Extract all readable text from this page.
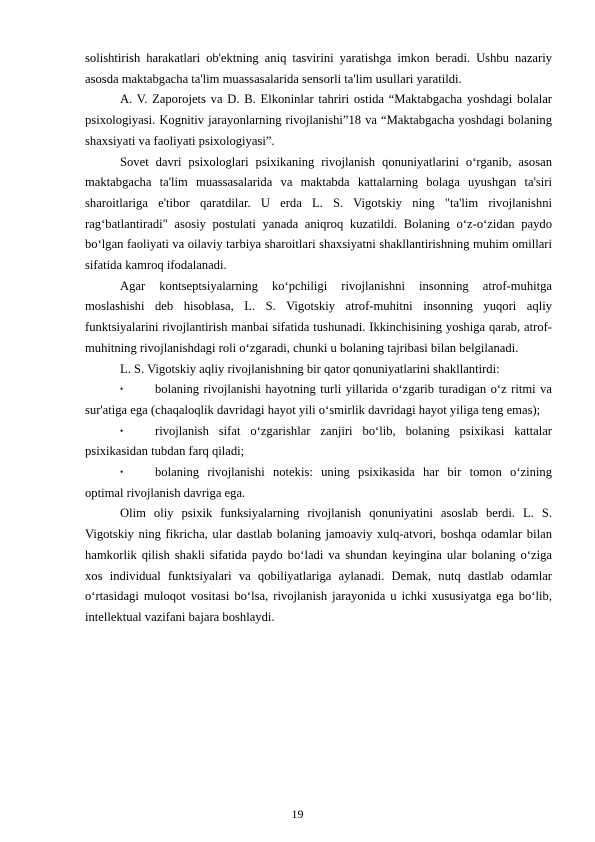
solishtirish harakatlari ob'ektning aniq tasvirini yaratishga imkon beradi. Ushbu nazariy asosda maktabgacha ta'lim muassasalarida sensorli ta'lim usullari yaratildi.

A. V. Zaporojets va D. B. Elkoninlar tahriri ostida “Maktabgacha yoshdagi bolalar psixologiyasi. Kognitiv jarayonlarning rivojlanishi”18 va “Maktabgacha yoshdagi bolaning shaxsiyati va faoliyati psixologiyasi”.

Sovet davri psixologlari psixikaning rivojlanish qonuniyatlarini o‘rganib, asosan maktabgacha ta'lim muassasalarida va maktabda kattalarning bolaga uyushgan ta'siri sharoitlariga e'tibor qaratdilar. U erda L. S. Vigotskiy ning "ta'lim rivojlanishni rag‘batlantiradi" asosiy postulati yanada aniqroq kuzatildi. Bolaning o‘z-o‘zidan paydo bo‘lgan faoliyati va oilaviy tarbiya sharoitlari shaxsiyatni shakllantirishning muhim omillari sifatida kamroq ifodalanadi.

Agar kontseptsiyalarning ko‘pchiligi rivojlanishni insonning atrof-muhitga moslashishi deb hisoblasa, L. S. Vigotskiy atrof-muhitni insonning yuqori aqliy funktsiyalarini rivojlantirish manbai sifatida tushunadi. Ikkinchisining yoshiga qarab, atrof-muhitning rivojlanishdagi roli o‘zgaradi, chunki u bolaning tajribasi bilan belgilanadi.

L. S. Vigotskiy aqliy rivojlanishning bir qator qonuniyatlarini shakllantirdi:

•	bolaning rivojlanishi hayotning turli yillarida o‘zgarib turadigan o‘z ritmi va sur'atiga ega (chaqaloqlik davridagi hayot yili o‘smirlik davridagi hayot yiliga teng emas);
•	rivojlanish sifat o‘zgarishlar zanjiri bo‘lib, bolaning psixikasi kattalar psixikasidan tubdan farq qiladi;
•	bolaning rivojlanishi notekis: uning psixikasida har bir tomon o‘zining optimal rivojlanish davriga ega.

Olim oliy psixik funksiyalarning rivojlanish qonuniyatini asoslab berdi. L. S. Vigotskiy ning fikricha, ular dastlab bolaning jamoaviy xulq-atvori, boshqa odamlar bilan hamkorlik qilish shakli sifatida paydo bo‘ladi va shundan keyingina ular bolaning o‘ziga xos individual funktsiyalari va qobiliyatlariga aylanadi. Demak, nutq dastlab odamlar o‘rtasidagi muloqot vositasi bo‘lsa, rivojlanish jarayonida u ichki xususiyatga ega bo‘lib, intellektual vazifani bajara boshlaydi.

19
